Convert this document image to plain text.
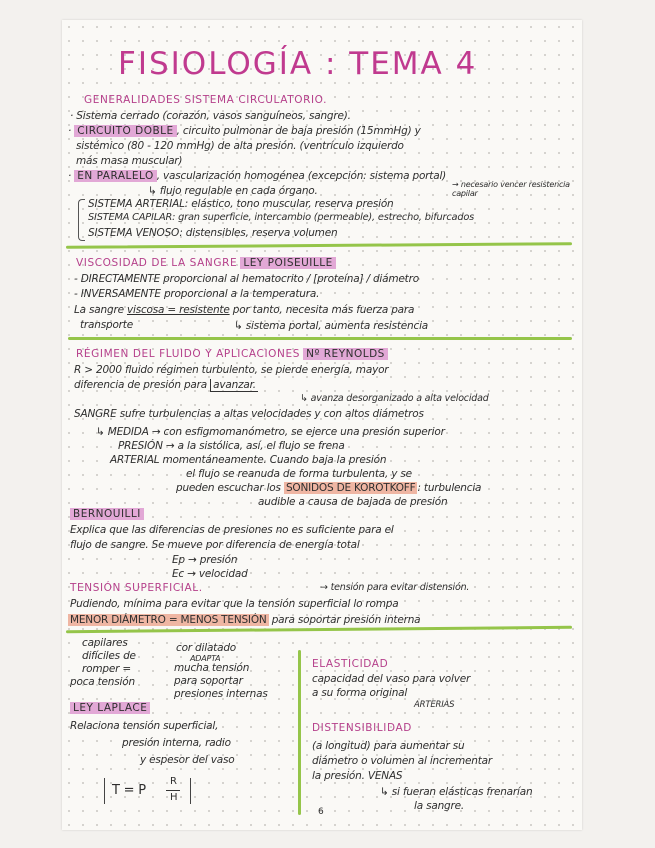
FISIOLOGÍA : TEMA 4
GENERALIDADES SISTEMA CIRCULATORIO.
· Sistema cerrado (corazón, vasos sanguíneos, sangre).
· CIRCUITO DOBLE , circuito pulmonar de baja presión (15mmHg) y
sistémico (80 - 120 mmHg) de alta presión. (ventrículo izquierdo
más masa muscular)
· EN PARALELO , vascularización homogénea (excepción: sistema portal)
↳ flujo regulable en cada órgano.
→ necesario vencer resistencia capilar
SISTEMA ARTERIAL: elástico, tono muscular, reserva presión
SISTEMA CAPILAR: gran superficie, intercambio (permeable), estrecho, bifurcados
SISTEMA VENOSO: distensibles, reserva volumen
VISCOSIDAD DE LA SANGRE LEY POISEUILLE
- DIRECTAMENTE proporcional al hematocrito / [proteína] / diámetro
- INVERSAMENTE proporcional a la temperatura.
La sangre viscosa = resistente por tanto, necesita más fuerza para
transporte	↳ sistema portal, aumenta resistencia
RÉGIMEN DEL FLUIDO Y APLICACIONES Nº REYNOLDS
R > 2000 fluido régimen turbulento, se pierde energía, mayor
diferencia de presión para avanzar.
↳ avanza desorganizado a alta velocidad
SANGRE sufre turbulencias a altas velocidades y con altos diámetros
↳ MEDIDA → con esfigmomanómetro, se ejerce una presión superior
PRESIÓN → a la sistólica, así, el flujo se frena
ARTERIAL momentáneamente. Cuando baja la presión
el flujo se reanuda de forma turbulenta, y se
pueden escuchar los SONIDOS DE KOROTKOFF : turbulencia
audible a causa de bajada de presión
BERNOUILLI
Explica que las diferencias de presiones no es suficiente para el
flujo de sangre. Se mueve por diferencia de energía total
Ep → presión
Ec → velocidad
TENSIÓN SUPERFICIAL.	→ tensión para evitar distensión.
Pudiendo, mínima para evitar que la tensión superficial lo rompa
MENOR DIÁMETRO = MENOS TENSIÓN para soportar presión interna
capilares
difíciles de
romper =
poca tensión
ADAPTA
cor dilatado
mucha tensión
para soportar
presiones internas
LEY LAPLACE
Relaciona tensión superficial,
presión interna, radio
y espesor del vaso
T = P
R
H
ELASTICIDAD
capacidad del vaso para volver
a su forma original
ARTERIAS
DISTENSIBILIDAD
(a longitud) para aumentar su
diámetro o volumen al incrementar
la presión. VENAS
↳ si fueran elásticas frenarían
la sangre.
6
